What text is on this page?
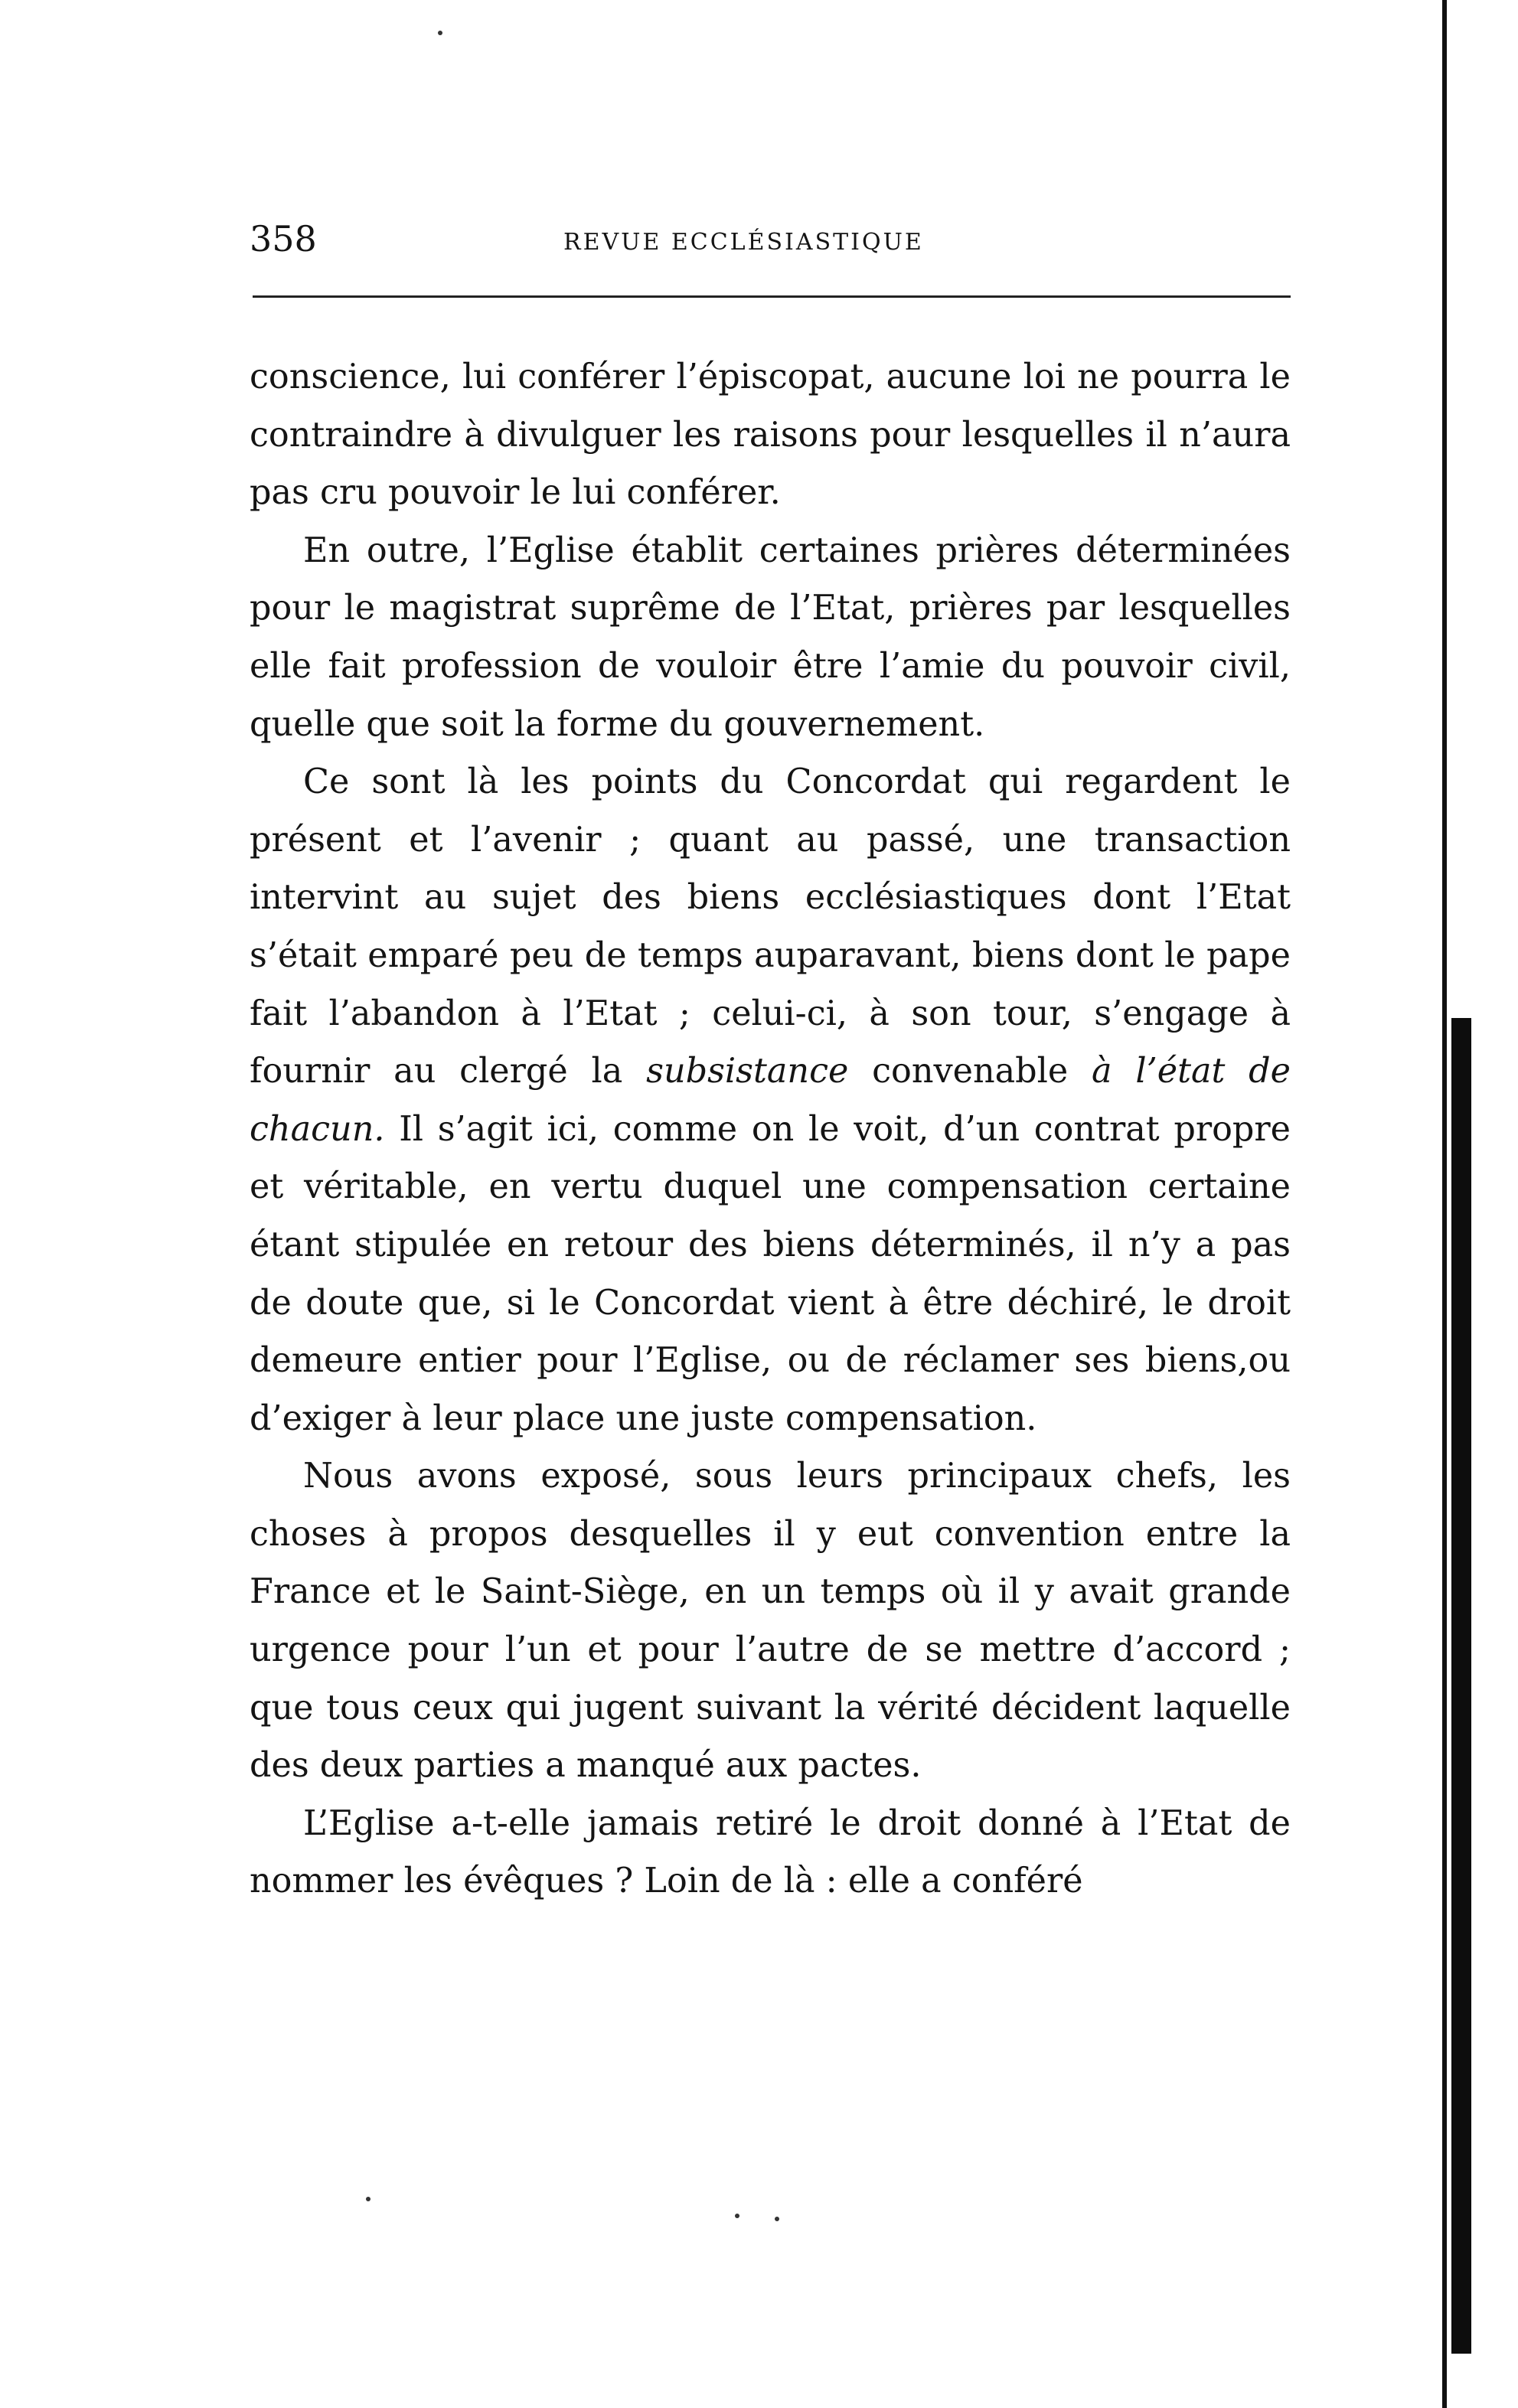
358	REVUE ECCLÉSIASTIQUE

conscience, lui conférer l’épiscopat, aucune loi ne pourra le contraindre à divulguer les raisons pour lesquelles il n’aura pas cru pouvoir le lui conférer.

En outre, l’Eglise établit certaines prières déterminées pour le magistrat suprême de l’Etat, prières par lesquelles elle fait profession de vouloir être l’amie du pouvoir civil, quelle que soit la forme du gouvernement.

Ce sont là les points du Concordat qui regardent le présent et l’avenir ; quant au passé, une transaction intervint au sujet des biens ecclésiastiques dont l’Etat s’était emparé peu de temps auparavant, biens dont le pape fait l’abandon à l’Etat ; celui-ci, à son tour, s’engage à fournir au clergé la subsistance convenable à l’état de chacun. Il s’agit ici, comme on le voit, d’un contrat propre et véritable, en vertu duquel une compensation certaine étant stipulée en retour des biens déterminés, il n’y a pas de doute que, si le Concordat vient à être déchiré, le droit demeure entier pour l’Eglise, ou de réclamer ses biens,ou d’exiger à leur place une juste compensation.

Nous avons exposé, sous leurs principaux chefs, les choses à propos desquelles il y eut convention entre la France et le Saint-Siège, en un temps où il y avait grande urgence pour l’un et pour l’autre de se mettre d’accord ; que tous ceux qui jugent suivant la vérité décident laquelle des deux parties a manqué aux pactes.

L’Eglise a-t-elle jamais retiré le droit donné à l’Etat de nommer les évêques ? Loin de là : elle a conféré
